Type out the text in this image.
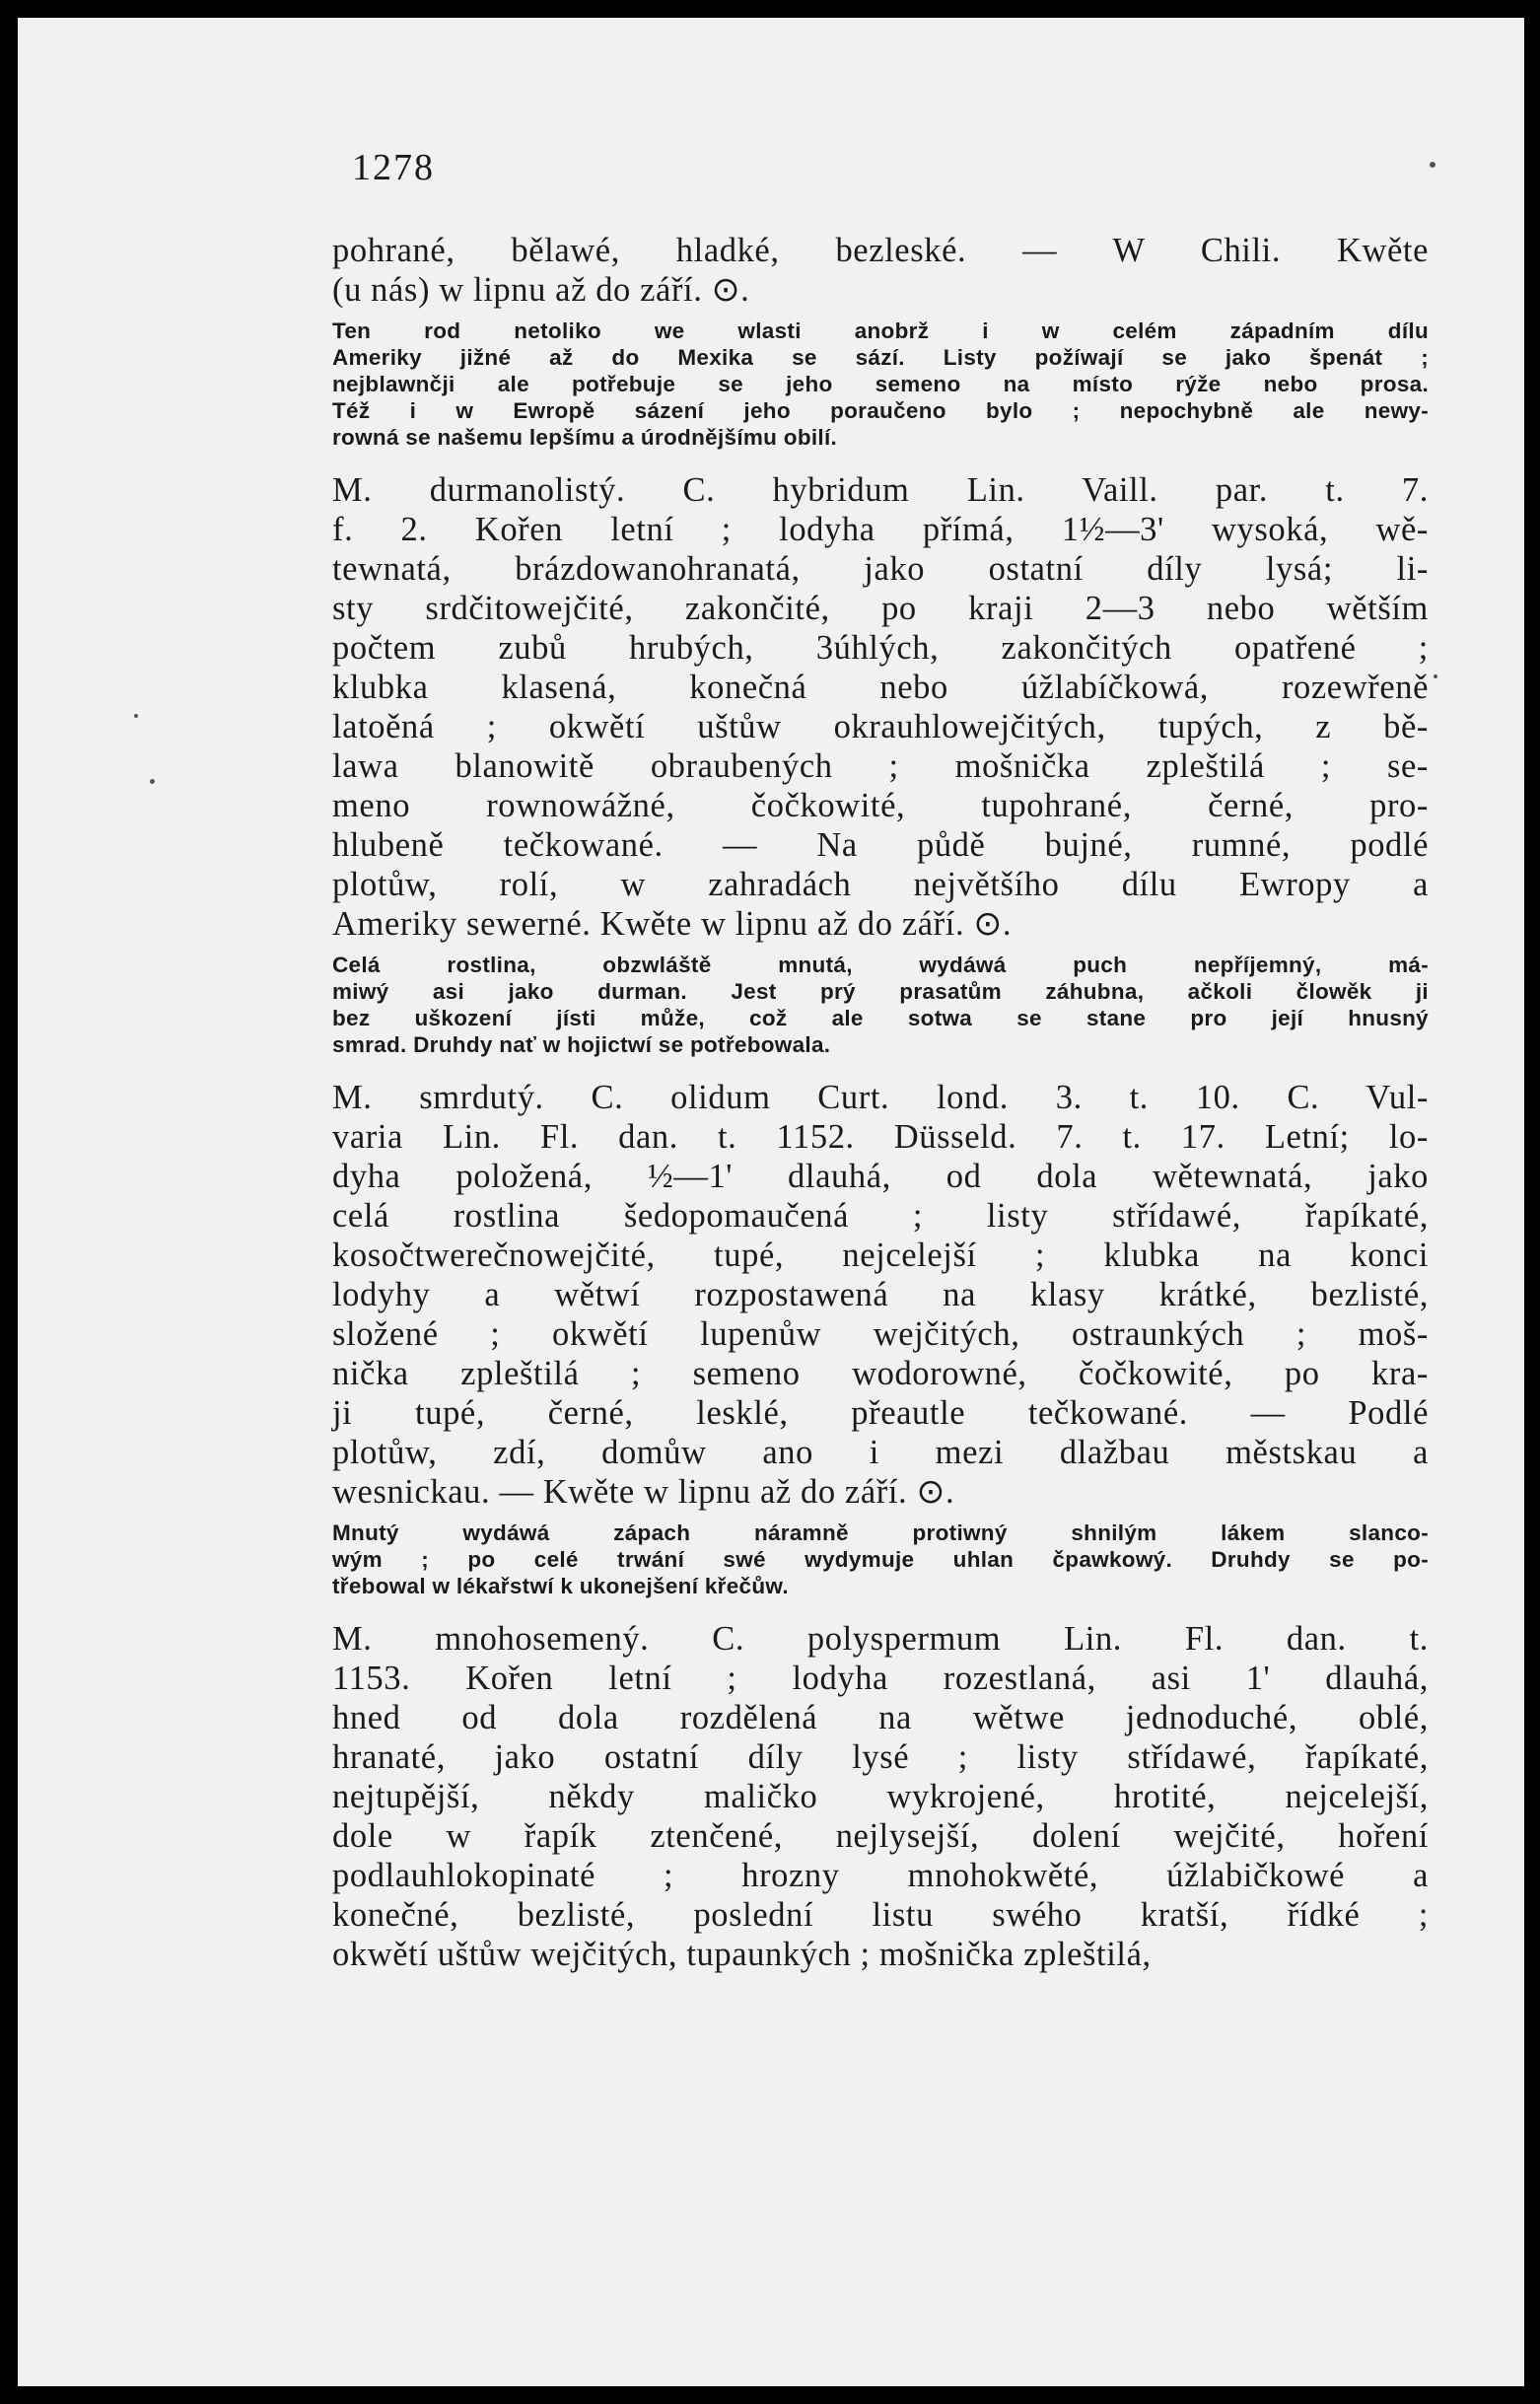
1278
pohrané, bělawé, hladké, bezleské. — W Chili. Kwěte
(u nás) w lipnu až do září. ⊙.
Ten rod netoliko we wlasti anobrž i w celém západním dílu
Ameriky jižné až do Mexika se sází. Listy požíwají se jako špenát ;
nejblawnčji ale potřebuje se jeho semeno na místo rýže nebo prosa.
Též i w Ewropě sázení jeho poraučeno bylo ; nepochybně ale newy-
rowná se našemu lepšímu a úrodnějšímu obilí.
M. durmanolistý. C. hybridum Lin. Vaill. par. t. 7.
f. 2. Kořen letní ; lodyha přímá, 1½—3' wysoká, wě-
tewnatá, brázdowanohranatá, jako ostatní díly lysá; li-
sty srdčitowejčité, zakončité, po kraji 2—3 nebo wětším
počtem zubů hrubých, 3úhlých, zakončitých opatřené ;
klubka klasená, konečná nebo úžlabíčkowá, rozewřeně
latoěná ; okwětí uštůw okrauhlowejčitých, tupých, z bě-
lawa blanowitě obraubených ; mošnička zpleštilá ; se-
meno rownowážné, čočkowité, tupohrané, černé, pro-
hlubeně tečkowané. — Na půdě bujné, rumné, podlé
plotůw, rolí, w zahradách největšího dílu Ewropy a
Ameriky sewerné. Kwěte w lipnu až do září. ⊙.
Celá rostlina, obzwláště mnutá, wydáwá puch nepříjemný, má-
miwý asi jako durman. Jest prý prasatům záhubna, ačkoli člowěk ji
bez uškození jísti může, což ale sotwa se stane pro její hnusný
smrad. Druhdy nať w hojictwí se potřebowala.
M. smrdutý. C. olidum Curt. lond. 3. t. 10. C. Vul-
varia Lin. Fl. dan. t. 1152. Düsseld. 7. t. 17. Letní; lo-
dyha položená, ½—1' dlauhá, od dola wětewnatá, jako
celá rostlina šedopomaučená ; listy střídawé, řapíkaté,
kosočtwerečnowejčité, tupé, nejcelejší ; klubka na konci
lodyhy a wětwí rozpostawená na klasy krátké, bezlisté,
složené ; okwětí lupenůw wejčitých, ostraunkých ; moš-
nička zpleštilá ; semeno wodorowné, čočkowité, po kra-
ji tupé, černé, lesklé, přeautle tečkowané. — Podlé
plotůw, zdí, domůw ano i mezi dlažbau městskau a
wesnickau. — Kwěte w lipnu až do září. ⊙.
Mnutý wydáwá zápach náramně protiwný shnilým lákem slanco-
wým ; po celé trwání swé wydymuje uhlan čpawkowý. Druhdy se po-
třebowal w lékařstwí k ukonejšení křečůw.
M. mnohosemený. C. polyspermum Lin. Fl. dan. t.
1153. Kořen letní ; lodyha rozestlaná, asi 1' dlauhá,
hned od dola rozdělená na wětwe jednoduché, oblé,
hranaté, jako ostatní díly lysé ; listy střídawé, řapíkaté,
nejtupější, někdy maličko wykrojené, hrotité, nejcelejší,
dole w řapík ztenčené, nejlysejší, dolení wejčité, hoření
podlauhlokopinaté ; hrozny mnohokwěté, úžlabičkowé a
konečné, bezlisté, poslední listu swého kratší, řídké ;
okwětí uštůw wejčitých, tupaunkých ; mošnička zpleštilá,
